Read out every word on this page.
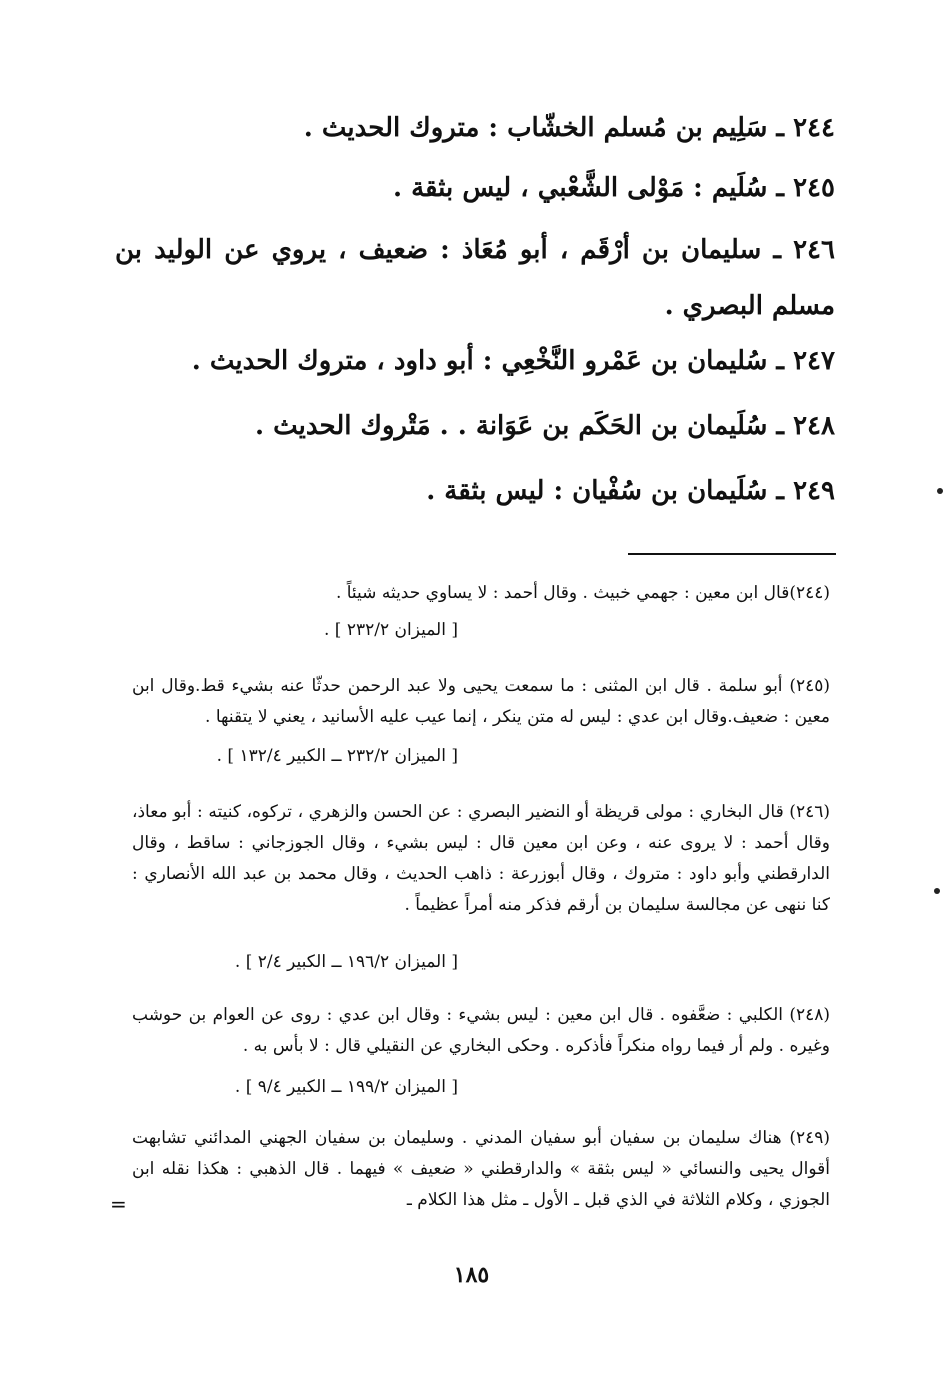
٢٤٤ ـ سَلِيم بن مُسلم الخشّاب : متروك الحديث .
٢٤٥ ـ سُلَيم : مَوْلى الشَّعْبي ، ليس بثقة .
٢٤٦ ـ سليمان بن أرْقَم ، أبو مُعَاذ : ضعيف ، يروي عن الوليد بن مسلم البصري .
٢٤٧ ـ سُليمان بن عَمْرو النَّخْعِي : أبو داود ، متروك الحديث .
٢٤٨ ـ سُلَيمان بن الحَكَم بن عَوَانة . . مَتْروك الحديث .
٢٤٩ ـ سُلَيمان بن سُفْيان : ليس بثقة .
(٢٤٤)قال ابن معين : جهمي خبيث . وقال أحمد : لا يساوي حديثه شيئاً .
[ الميزان ٢٣٢/٢ ] .
(٢٤٥) أبو سلمة . قال ابن المثنى : ما سمعت يحيى ولا عبد الرحمن حدثّا عنه بشيء قط.وقال ابن معين : ضعيف.وقال ابن عدي : ليس له متن ينكر ، إنما عيب عليه الأسانيد ، يعني لا يتقنها .
[ الميزان ٢٣٢/٢ ــ الكبير ١٣٢/٤ ] .
(٢٤٦) قال البخاري : مولى قريظة أو النضير البصري : عن الحسن والزهري ، تركوه، كنيته : أبو معاذ، وقال أحمد : لا يروى عنه ، وعن ابن معين قال : ليس بشيء ، وقال الجوزجاني : ساقط ، وقال الدارقطني وأبو داود : متروك ، وقال أبوزرعة : ذاهب الحديث ، وقال محمد بن عبد الله الأنصاري : كنا ننهى عن مجالسة سليمان بن أرقم فذكر منه أمراً عظيماً .
[ الميزان ١٩٦/٢ ــ الكبير ٢/٤ ] .
(٢٤٨) الكلبي : ضعَّفوه . قال ابن معين : ليس بشيء : وقال ابن عدي : روى عن العوام بن حوشب وغيره . ولم أر فيما رواه منكراً فأذكره . وحكى البخاري عن النقيلي قال : لا بأس به .
[ الميزان ١٩٩/٢ ــ الكبير ٩/٤ ] .
(٢٤٩) هناك سليمان بن سفيان أبو سفيان المدني . وسليمان بن سفيان الجهني المدائني تشابهت أقوال يحيى والنسائي « ليس بثقة » والدارقطني « ضعيف » فيهما . قال الذهبي : هكذا نقله ابن الجوزي ، وكلام الثلاثة في الذي قبل ـ الأول ـ مثل هذا الكلام ـ
=
١٨٥
